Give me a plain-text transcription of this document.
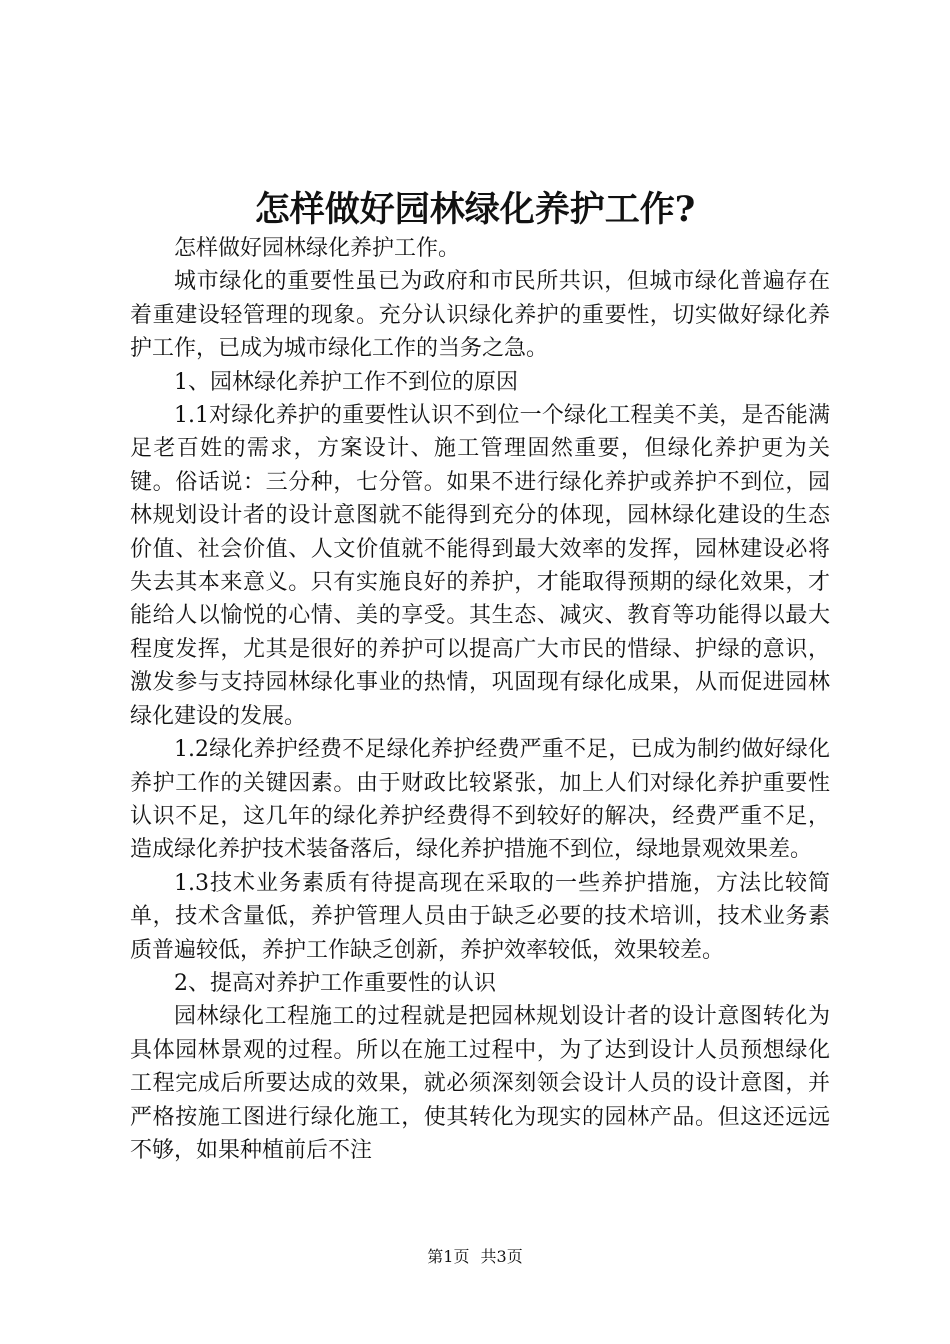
怎样做好园林绿化养护工作?

怎样做好园林绿化养护工作。

城市绿化的重要性虽已为政府和市民所共识，但城市绿化普遍存在着重建设轻管理的现象。充分认识绿化养护的重要性，切实做好绿化养护工作，已成为城市绿化工作的当务之急。

1、园林绿化养护工作不到位的原因

1.1对绿化养护的重要性认识不到位一个绿化工程美不美，是否能满足老百姓的需求，方案设计、施工管理固然重要，但绿化养护更为关键。俗话说：三分种，七分管。如果不进行绿化养护或养护不到位，园林规划设计者的设计意图就不能得到充分的体现，园林绿化建设的生态价值、社会价值、人文价值就不能得到最大效率的发挥，园林建设必将失去其本来意义。只有实施良好的养护，才能取得预期的绿化效果，才能给人以愉悦的心情、美的享受。其生态、减灾、教育等功能得以最大程度发挥，尤其是很好的养护可以提高广大市民的惜绿、护绿的意识，激发参与支持园林绿化事业的热情，巩固现有绿化成果，从而促进园林绿化建设的发展。

1.2绿化养护经费不足绿化养护经费严重不足，已成为制约做好绿化养护工作的关键因素。由于财政比较紧张，加上人们对绿化养护重要性认识不足，这几年的绿化养护经费得不到较好的解决，经费严重不足，造成绿化养护技术装备落后，绿化养护措施不到位，绿地景观效果差。

1.3技术业务素质有待提高现在采取的一些养护措施，方法比较简单，技术含量低，养护管理人员由于缺乏必要的技术培训，技术业务素质普遍较低，养护工作缺乏创新，养护效率较低，效果较差。

2、提高对养护工作重要性的认识

园林绿化工程施工的过程就是把园林规划设计者的设计意图转化为具体园林景观的过程。所以在施工过程中，为了达到设计人员预想绿化工程完成后所要达成的效果，就必须深刻领会设计人员的设计意图，并严格按施工图进行绿化施工，使其转化为现实的园林产品。但这还远远不够，如果种植前后不注

第1页 共3页
